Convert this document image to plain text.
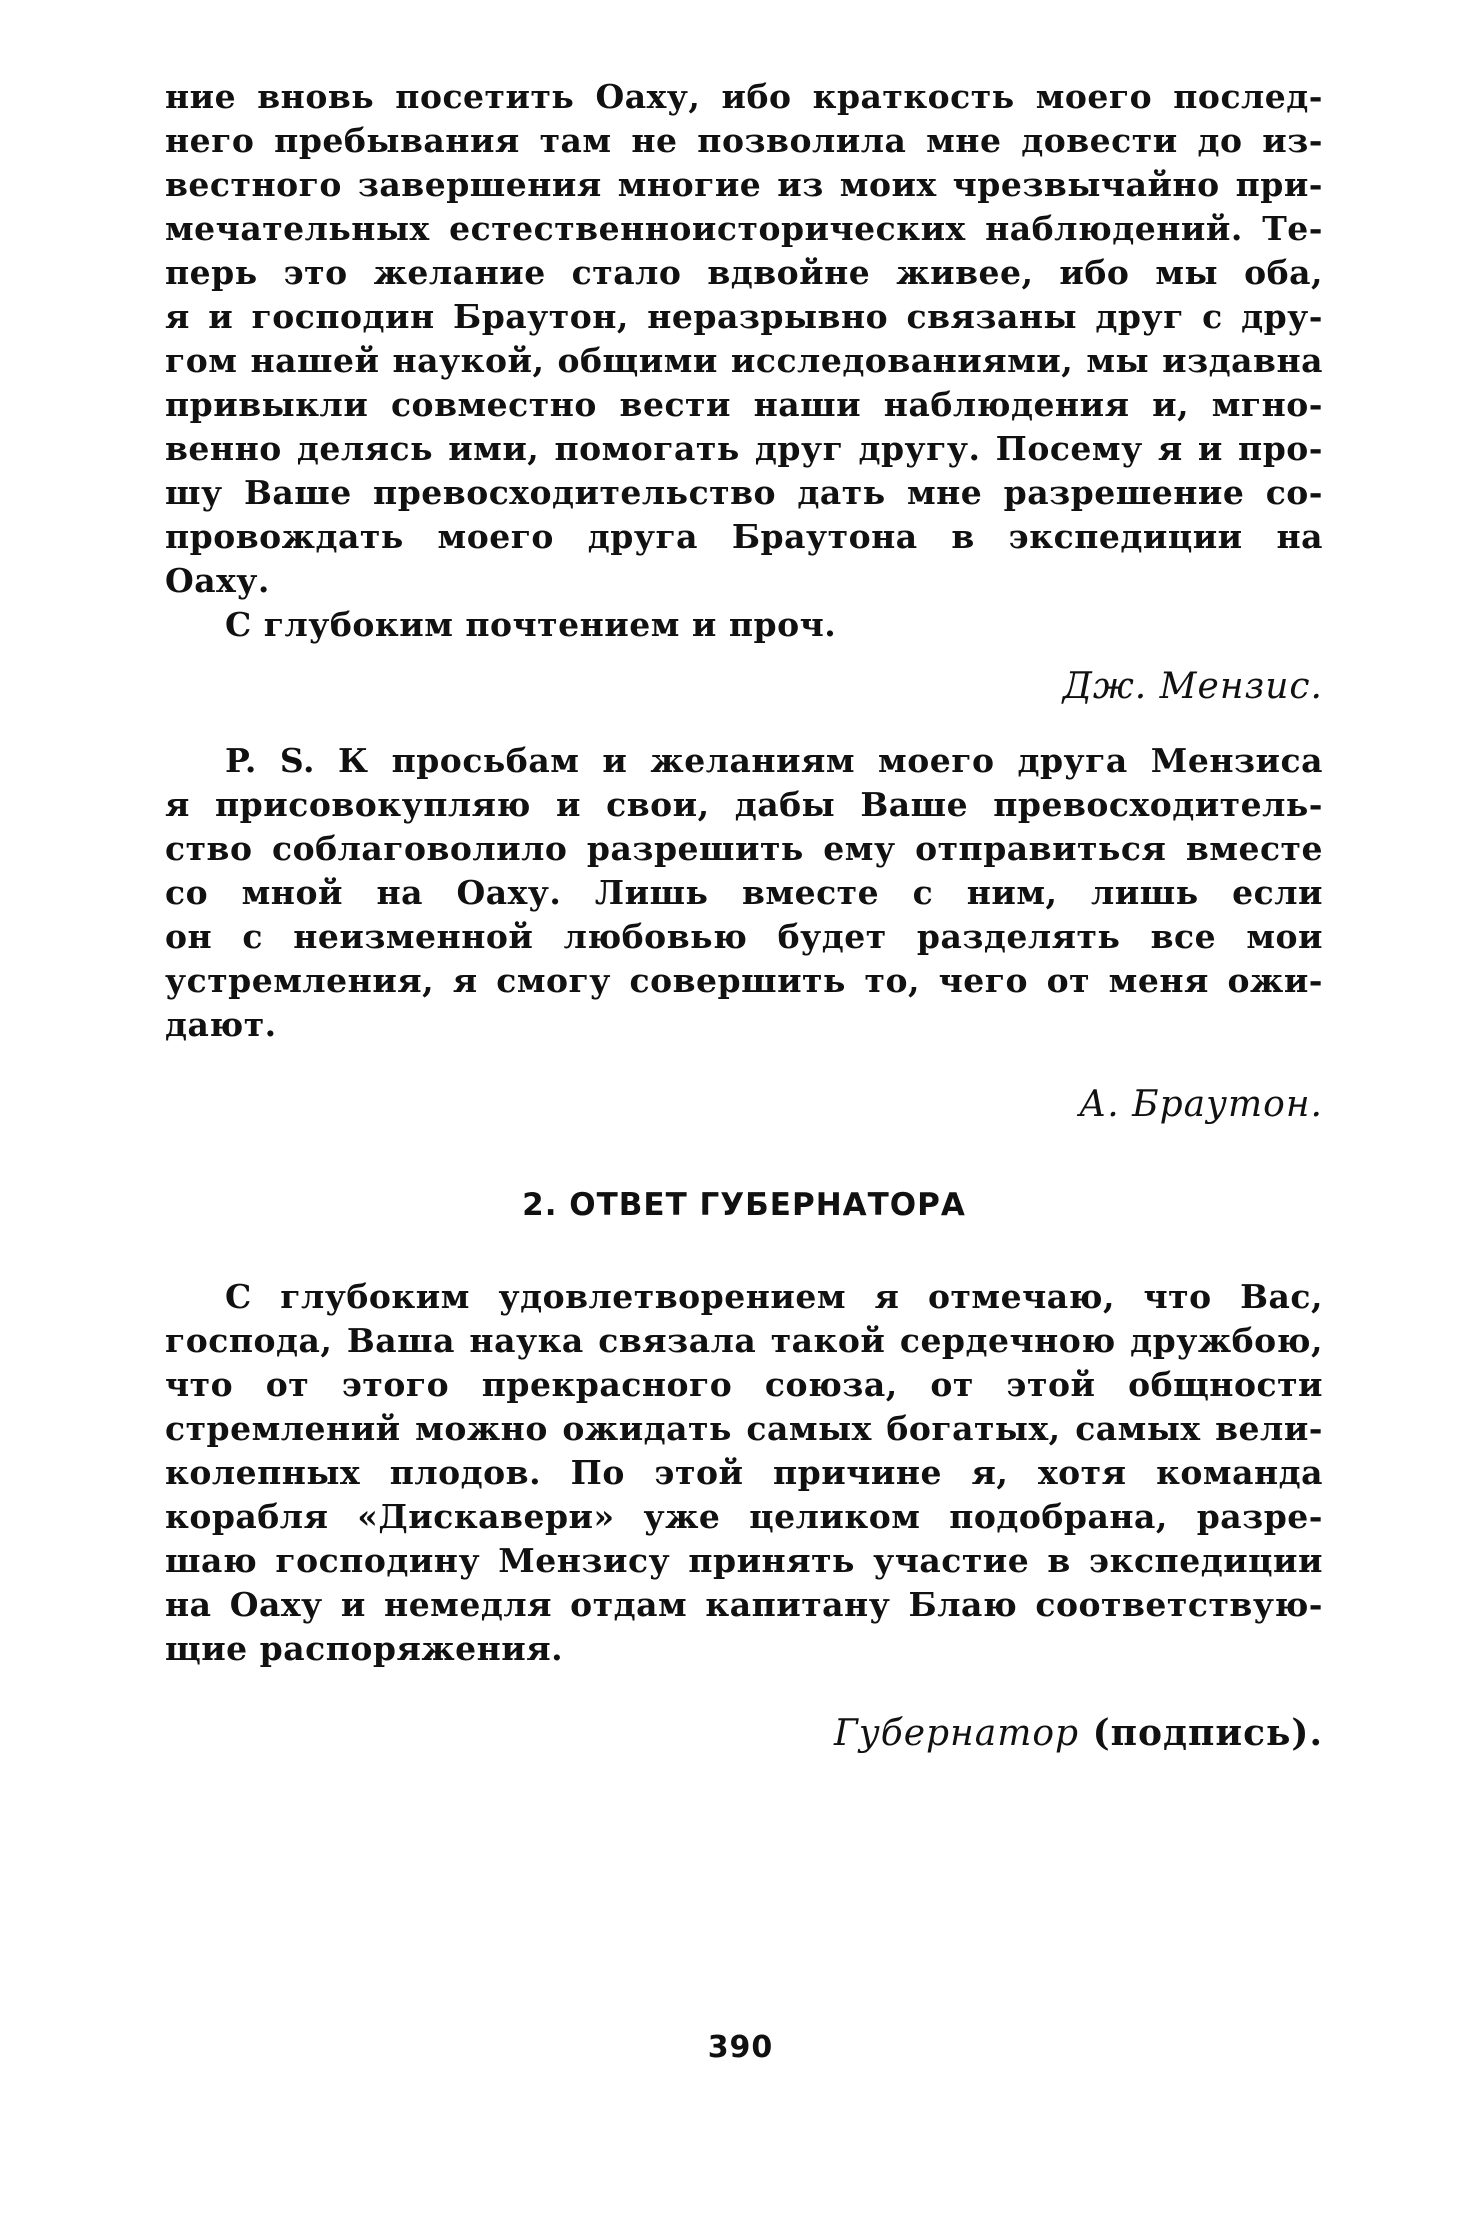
ние вновь посетить Оаху, ибо краткость моего послед-
него пребывания там не позволила мне довести до из-
вестного завершения многие из моих чрезвычайно при-
мечательных естественноисторических наблюдений. Те-
перь это желание стало вдвойне живее, ибо мы оба,
я и господин Браутон, неразрывно связаны друг с дру-
гом нашей наукой, общими исследованиями, мы издавна
привыкли совместно вести наши наблюдения и, мгно-
венно делясь ими, помогать друг другу. Посему я и про-
шу Ваше превосходительство дать мне разрешение со-
провождать моего друга Браутона в экспедиции на
Оаху.
С глубоким почтением и проч.
Дж. Мензис.
P. S. К просьбам и желаниям моего друга Мензиса
я присовокупляю и свои, дабы Ваше превосходитель-
ство соблаговолило разрешить ему отправиться вместе
со мной на Оаху. Лишь вместе с ним, лишь если
он с неизменной любовью будет разделять все мои
устремления, я смогу совершить то, чего от меня ожи-
дают.
А. Браутон.
2. ОТВЕТ ГУБЕРНАТОРА
С глубоким удовлетворением я отмечаю, что Вас,
господа, Ваша наука связала такой сердечною дружбою,
что от этого прекрасного союза, от этой общности
стремлений можно ожидать самых богатых, самых вели-
колепных плодов. По этой причине я, хотя команда
корабля «Дискавери» уже целиком подобрана, разре-
шаю господину Мензису принять участие в экспедиции
на Оаху и немедля отдам капитану Блаю соответствую-
щие распоряжения.
Губернатор (подпись).
390
